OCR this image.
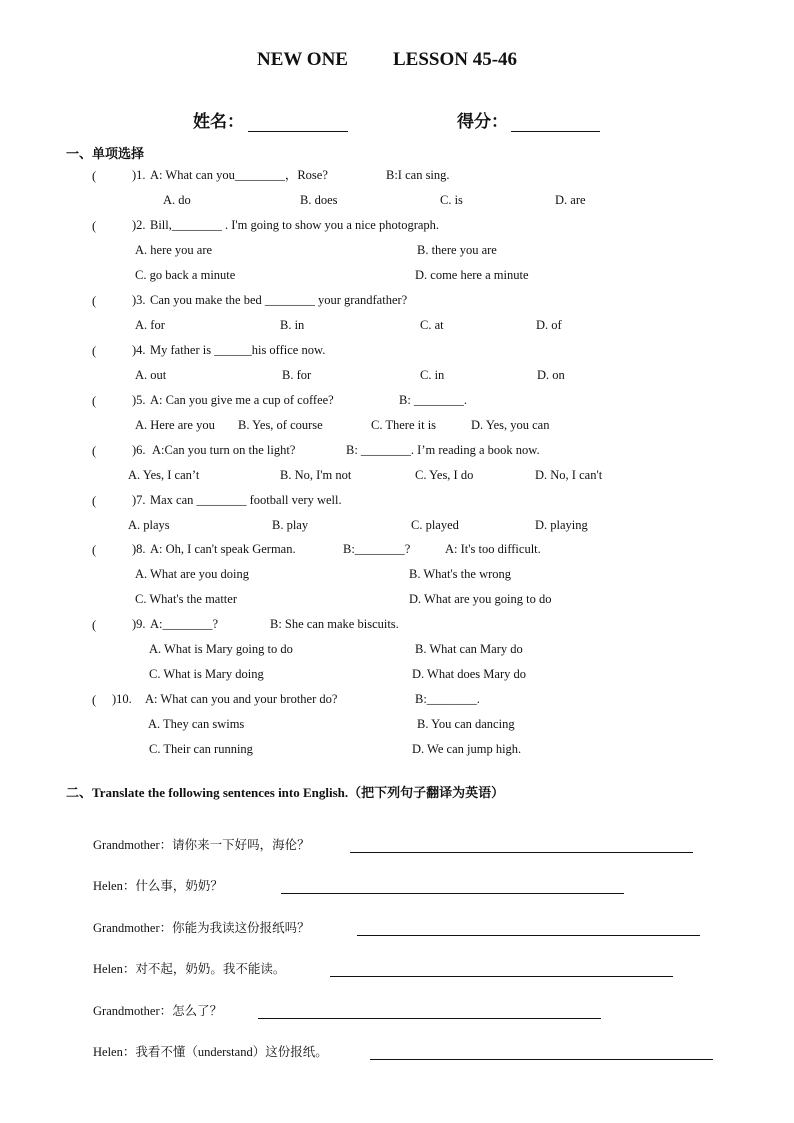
NEW ONE LESSON 45-46
姓名：	得分：
一、单项选择
(	)1. A: What can you________，Rose?	B:I can sing.
A. do	B. does	C. is	D. are
(	)2. Bill,________ . I'm going to show you a nice photograph.
A. here you are	B. there you are
C. go back a minute	D. come here a minute
(	)3. Can you make the bed ________ your grandfather?
A. for	B. in	C. at	D. of
(	)4. My father is ______his office now.
A. out	B. for	C. in	D. on
(	)5. A: Can you give me a cup of coffee?	B: ________.
A. Here are you B. Yes, of course	C. There it is	D. Yes, you can
(	)6. A:Can you turn on the light?	B: ________. I’m reading a book now.
A. Yes, I can’t	B. No, I'm not	C. Yes, I do	D. No, I can't
(	)7. Max can ________ football very well.
A. plays	B. play	C. played	D. playing
(	)8. A: Oh, I can't speak German.	B:________?	A: It's too difficult.
A. What are you doing	B. What's the wrong
C. What's the matter	D. What are you going to do
(	)9. A:________?	B: She can make biscuits.
A. What is Mary going to do	B. What can Mary do
C. What is Mary doing	D. What does Mary do
( )10. A: What can you and your brother do?	B:________.
A. They can swims	B. You can dancing
C. Their can running	D. We can jump high.
二、Translate the following sentences into English.（把下列句子翻译为英语）
Grandmother：请你来一下好吗，海伦？
Helen：什么事，奶奶？
Grandmother：你能为我读这份报纸吗？
Helen：对不起，奶奶。我不能读。
Grandmother：怎么了？
Helen：我看不懂（understand）这份报纸。
